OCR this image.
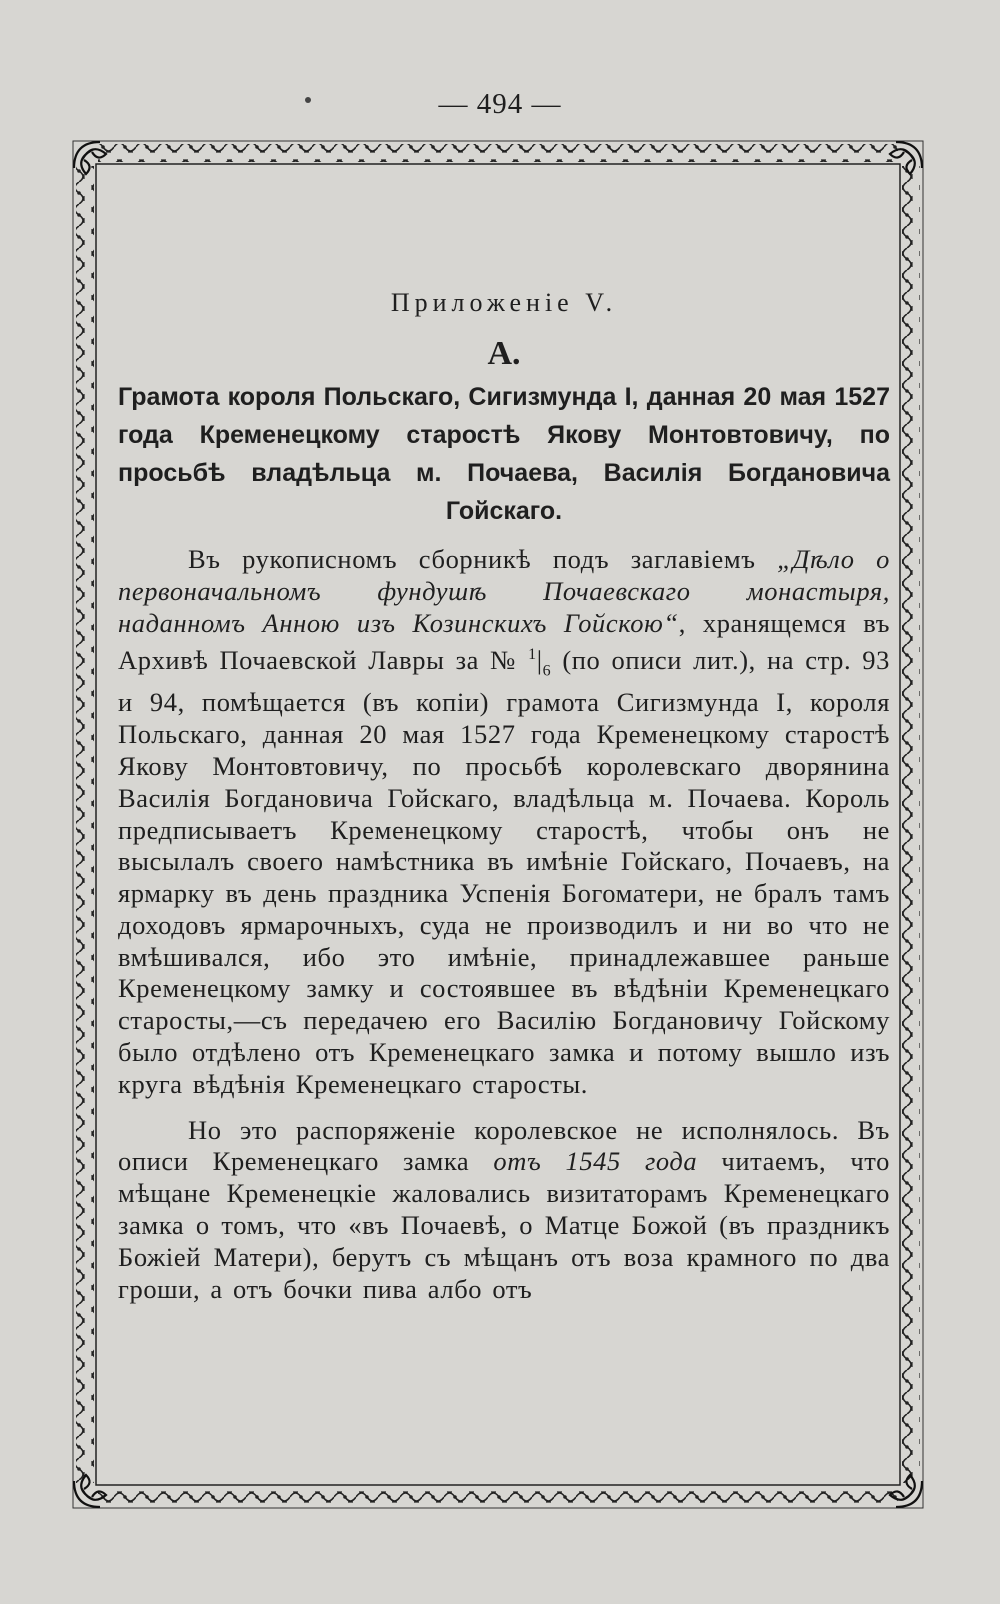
— 494 —
Приложеніе V.
А.
Грамота короля Польскаго, Сигизмунда I, данная 20 мая 1527 года Кременецкому старостѣ Якову Монтовтовичу, по просьбѣ владѣльца м. Почаева, Василія Богдановича Гойскаго.

Въ рукописномъ сборникѣ подъ заглавіемъ „Дѣло о первоначальномъ фундушѣ Почаевскаго монастыря, наданномъ Анною изъ Козинскихъ Гойскою“, хранящемся въ Архивѣ Почаевской Лавры за № $^1|_6$ (по описи лит.), на стр. 93 и 94, помѣщается (въ копіи) грамота Сигизмунда I, короля Польскаго, данная 20 мая 1527 года Кременецкому старостѣ Якову Монтовтовичу, по просьбѣ королевскаго дворянина Василія Богдановича Гойскаго, владѣльца м. Почаева. Король предписываетъ Кременецкому старостѣ, чтобы онъ не высылалъ своего намѣстника въ имѣніе Гойскаго, Почаевъ, на ярмарку въ день праздника Успенія Богоматери, не бралъ тамъ доходовъ ярмарочныхъ, суда не производилъ и ни во что не вмѣшивался, ибо это имѣніе, принадлежавшее раньше Кременецкому замку и состоявшее въ вѣдѣніи Кременецкаго старосты,—съ передачею его Василію Богдановичу Гойскому было отдѣлено отъ Кременецкаго замка и потому вышло изъ круга вѣдѣнія Кременецкаго старосты.

Но это распоряженіе королевское не исполнялось. Въ описи Кременецкаго замка отъ 1545 года читаемъ, что мѣщане Кременецкіе жаловались визитаторамъ Кременецкаго замка о томъ, что «въ Почаевѣ, о Матце Божой (въ праздникъ Божіей Матери), берутъ съ мѣщанъ отъ воза крамного по два гроши, а отъ бочки пива албо отъ
